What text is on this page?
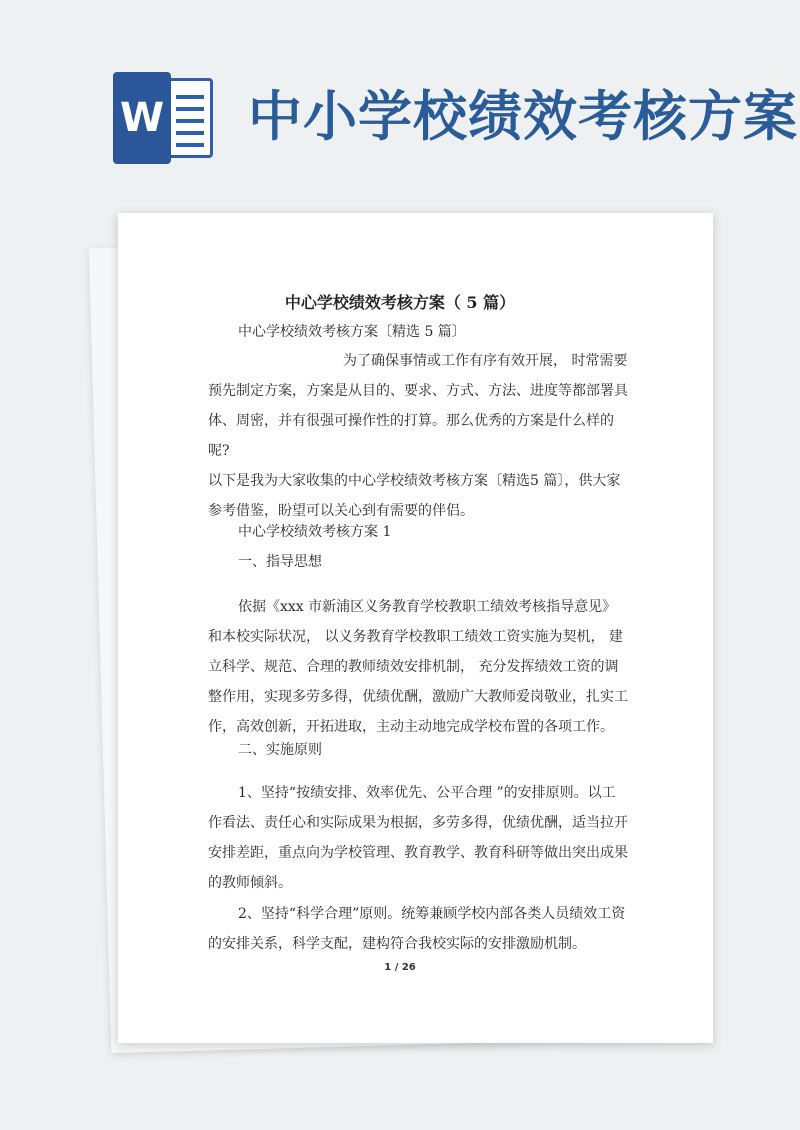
W 中小学校绩效考核方案
中心学校绩效考核方案（ 5 篇）
中心学校绩效考核方案〔精选 5 篇〕

为了确保事情或工作有序有效开展， 时常需要

预先制定方案，方案是从目的、要求、方式、方法、进度等都部署具

体、周密，并有很强可操作性的打算。那么优秀的方案是什么样的呢?

以下是我为大家收集的中心学校绩效考核方案〔精选5 篇〕，供大家

参考借鉴，盼望可以关心到有需要的伴侣。

中心学校绩效考核方案 1
一、指导思想

依据《xxx 市新浦区义务教育学校教职工绩效考核指导意见》和本校实际状况， 以义务教育学校教职工绩效工资实施为契机， 建立科学、规范、合理的教师绩效安排机制， 充分发挥绩效工资的调整作用，实现多劳多得，优绩优酬，激励广大教师爱岗敬业，扎实工作，高效创新，开拓进取，主动主动地完成学校布置的各项工作。

二、实施原则

1、坚持“按绩安排、效率优先、公平合理 ”的安排原则。以工作看法、责任心和实际成果为根据，多劳多得，优绩优酬，适当拉开安排差距，重点向为学校管理、教育教学、教育科研等做出突出成果的教师倾斜。

2、坚持“科学合理”原则。统筹兼顾学校内部各类人员绩效工资的安排关系，科学支配，建构符合我校实际的安排激励机制。

1 / 26
